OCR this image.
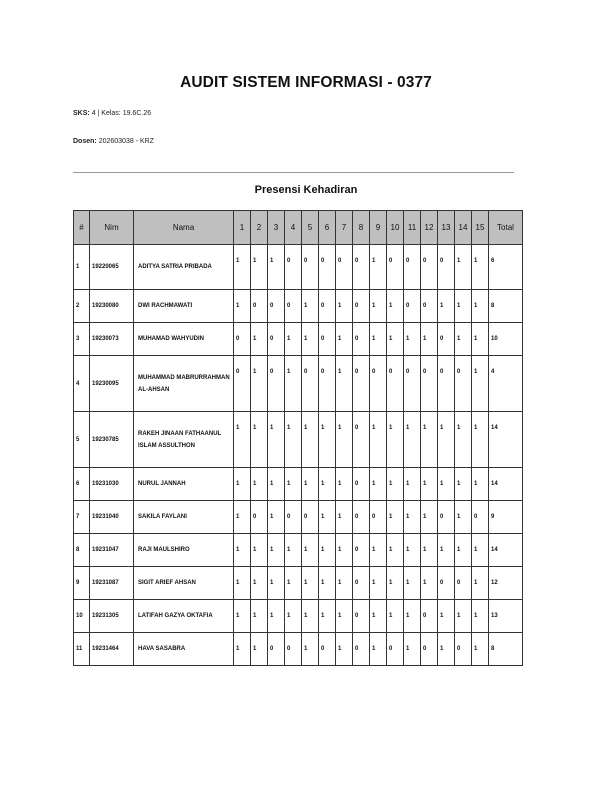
AUDIT SISTEM INFORMASI - 0377
SKS: 4 | Kelas: 19.6C.26
Dosen: 202603038 - KRZ
Presensi Kehadiran
#	Nim	Nama	1	2	3	4	5	6	7	8	9	10	11	12	13	14	15	Total
1	19220065	ADITYA SATRIA PRIBADA	1	1	1	0	0	0	0	0	1	0	0	0	0	1	1	6
2	19230080	DWI RACHMAWATI	1	0	0	0	1	0	1	0	1	1	0	0	1	1	1	8
3	19230073	MUHAMAD WAHYUDIN	0	1	0	1	1	0	1	0	1	1	1	1	0	1	1	10
4	19230095	MUHAMMAD MABRURRAHMAN AL-AHSAN	0	1	0	1	0	0	1	0	0	0	0	0	0	0	1	4
5	19230785	RAKEH JINAAN FATHAANUL ISLAM ASSULTHON	1	1	1	1	1	1	1	0	1	1	1	1	1	1	1	14
6	19231030	NURUL JANNAH	1	1	1	1	1	1	1	0	1	1	1	1	1	1	1	14
7	19231040	SAKILA FAYLANI	1	0	1	0	0	1	1	0	0	1	1	1	0	1	0	9
8	19231047	RAJI MAULSHIRO	1	1	1	1	1	1	1	0	1	1	1	1	1	1	1	14
9	19231087	SIGIT ARIEF AHSAN	1	1	1	1	1	1	1	0	1	1	1	1	0	0	1	12
10	19231305	LATIFAH GAZYA OKTAFIA	1	1	1	1	1	1	1	0	1	1	1	0	1	1	1	13
11	19231464	HAVA SASABRA	1	1	0	0	1	0	1	0	1	0	1	0	1	0	1	8
